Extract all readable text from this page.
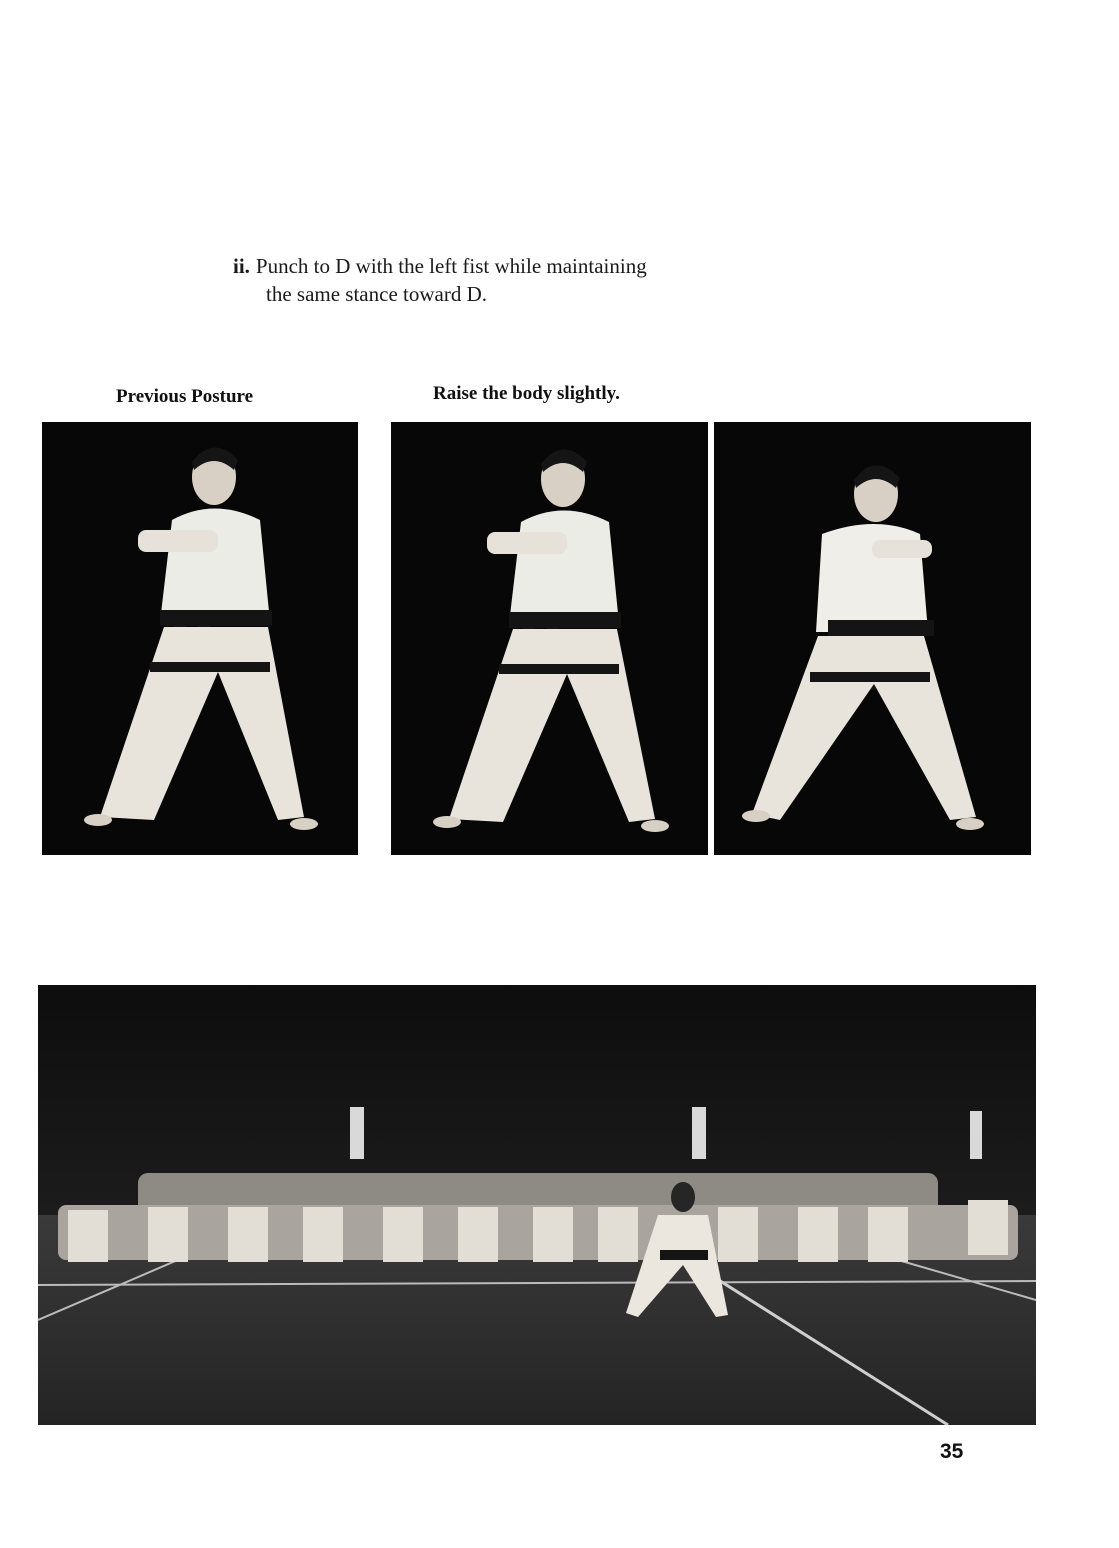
ii. Punch to D with the left fist while maintaining
the same stance toward D.
Previous Posture	Raise the body slightly.
35
